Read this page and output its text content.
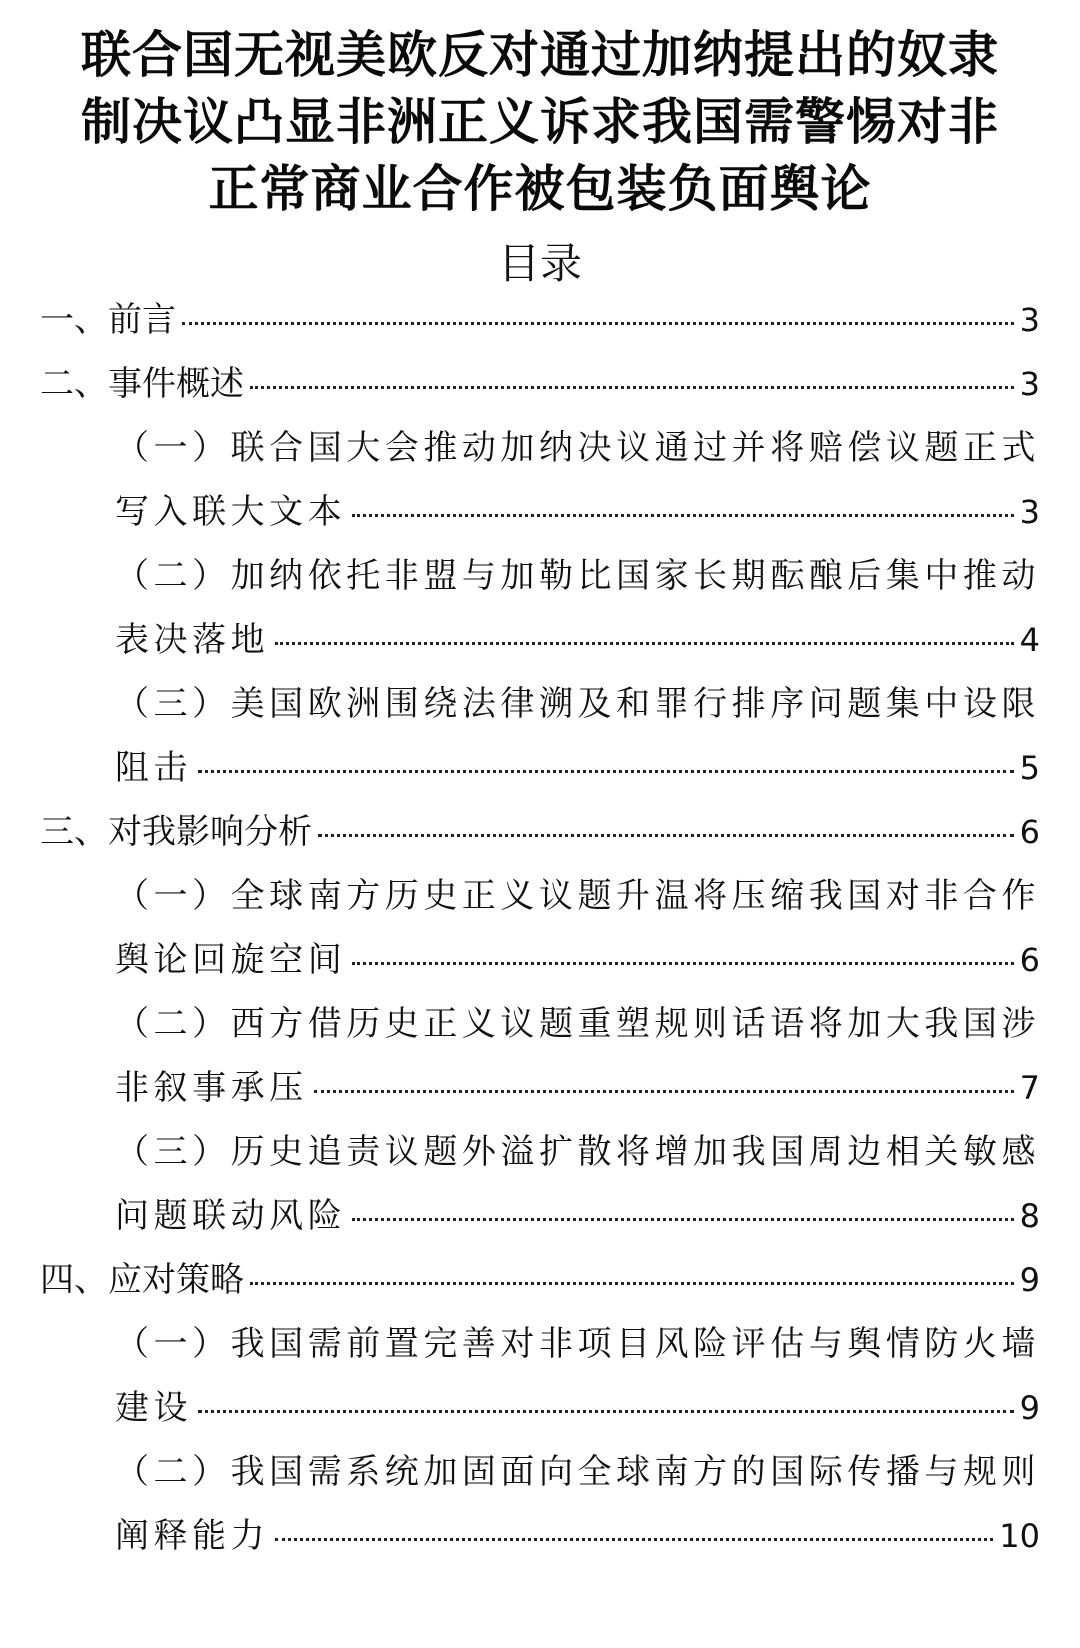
联合国无视美欧反对通过加纳提出的奴隶
制决议凸显非洲正义诉求我国需警惕对非
正常商业合作被包装负面舆论
目录
一、前言	3
二、事件概述	3
（一）联合国大会推动加纳决议通过并将赔偿议题正式
写入联大文本	3
（二）加纳依托非盟与加勒比国家长期酝酿后集中推动
表决落地	4
（三）美国欧洲围绕法律溯及和罪行排序问题集中设限
阻击	5
三、对我影响分析	6
（一）全球南方历史正义议题升温将压缩我国对非合作
舆论回旋空间	6
（二）西方借历史正义议题重塑规则话语将加大我国涉
非叙事承压	7
（三）历史追责议题外溢扩散将增加我国周边相关敏感
问题联动风险	8
四、应对策略	9
（一）我国需前置完善对非项目风险评估与舆情防火墙
建设	9
（二）我国需系统加固面向全球南方的国际传播与规则
阐释能力	10
